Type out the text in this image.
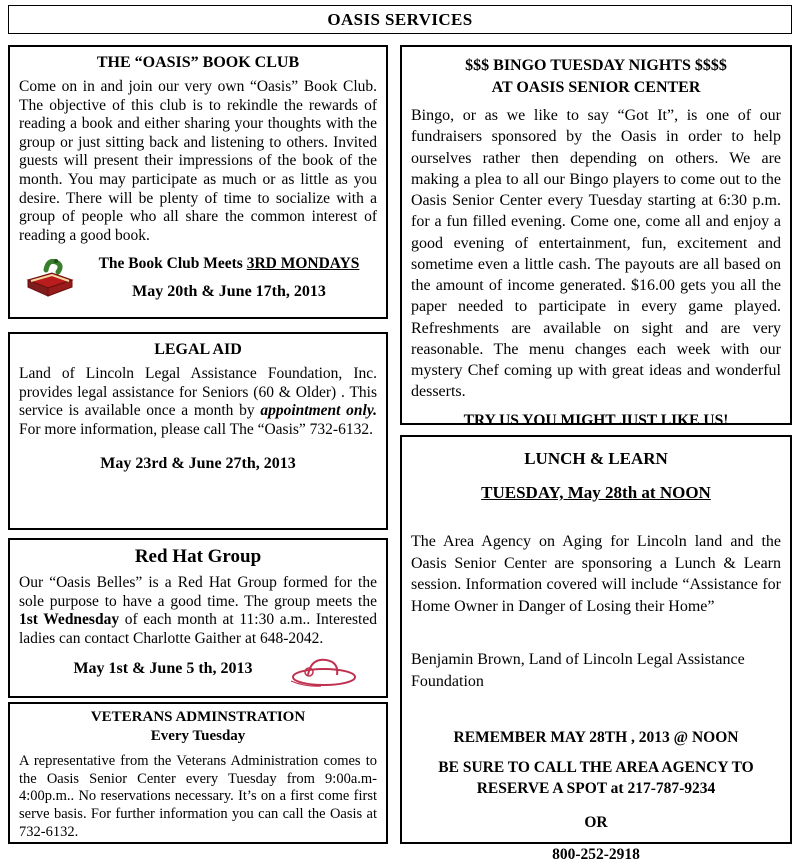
OASIS SERVICES
THE “OASIS” BOOK CLUB

Come on in and join our very own “Oasis” Book Club. The objective of this club is to rekindle the rewards of reading a book and either sharing your thoughts with the group or just sitting back and listening to others. Invited guests will present their impressions of the book of the month. You may participate as much or as little as you desire. There will be plenty of time to socialize with a group of people who all share the common interest of reading a good book.

The Book Club Meets 3RD MONDAYS
May 20th & June 17th, 2013
LEGAL AID

Land of Lincoln Legal Assistance Foundation, Inc. provides legal assistance for Seniors (60 & Older) . This service is available once a month by appointment only. For more information, please call The “Oasis” 732-6132.

May 23rd & June 27th, 2013
Red Hat Group

Our “Oasis Belles” is a Red Hat Group formed for the sole purpose to have a good time. The group meets the 1st Wednesday of each month at 11:30 a.m.. Interested ladies can contact Charlotte Gaither at 648-2042.

May 1st & June 5 th, 2013
VETERANS ADMINSTRATION
Every Tuesday

A representative from the Veterans Administration comes to the Oasis Senior Center every Tuesday from 9:00a.m-4:00p.m.. No reservations necessary. It’s on a first come first serve basis. For further information you can call the Oasis at 732-6132.

$$$ BINGO TUESDAY NIGHTS $$$$
AT OASIS SENIOR CENTER

Bingo, or as we like to say “Got It”, is one of our fundraisers sponsored by the Oasis in order to help ourselves rather then depending on others. We are making a plea to all our Bingo players to come out to the Oasis Senior Center every Tuesday starting at 6:30 p.m. for a fun filled evening. Come one, come all and enjoy a good evening of entertainment, fun, excitement and sometime even a little cash. The payouts are all based on the amount of income generated. $16.00 gets you all the paper needed to participate in every game played. Refreshments are available on sight and are very reasonable. The menu changes each week with our mystery Chef coming up with great ideas and wonderful desserts.

TRY US YOU MIGHT JUST LIKE US!
LUNCH & LEARN
TUESDAY, May 28th at NOON

The Area Agency on Aging for Lincoln land and the Oasis Senior Center are sponsoring a Lunch & Learn session. Information covered will include “Assistance for Home Owner in Danger of Losing their Home”

Benjamin Brown, Land of Lincoln Legal Assistance Foundation

REMEMBER MAY 28TH , 2013 @ NOON
BE SURE TO CALL THE AREA AGENCY TO RESERVE A SPOT at 217-787-9234
OR
800-252-2918
